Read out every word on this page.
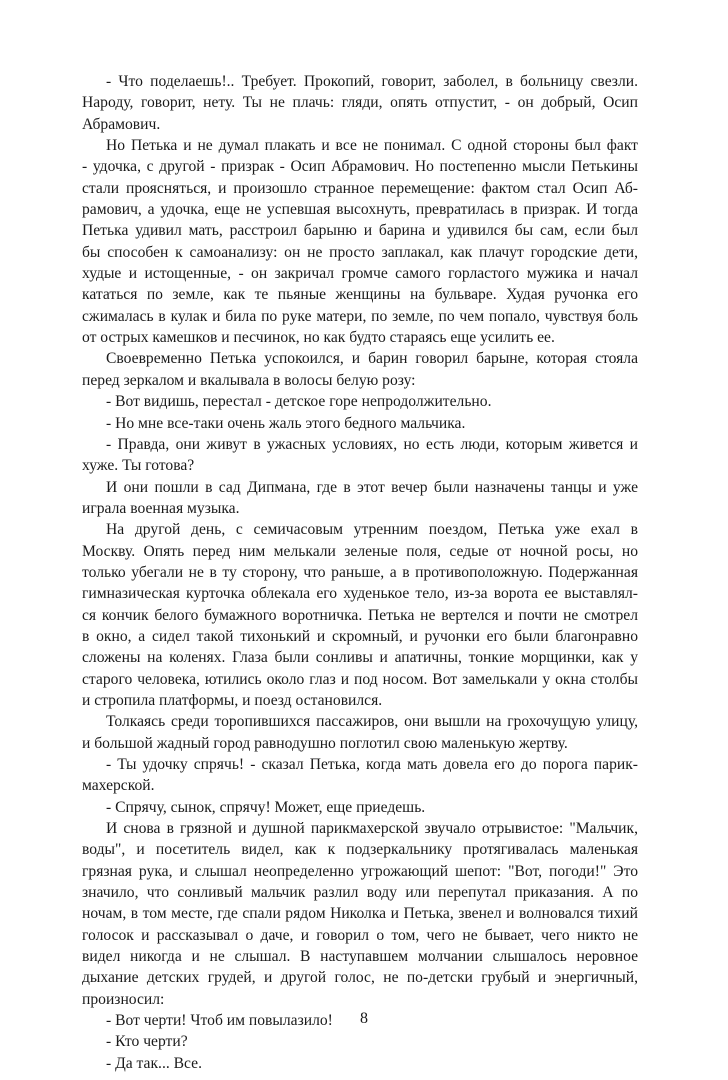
- Что поделаешь!.. Требует. Прокопий, говорит, заболел, в больницу свезли.
Народу, говорит, нету. Ты не плачь: гляди, опять отпустит, - он добрый, Осип
Абрамович.
Но Петька и не думал плакать и все не понимал. С одной стороны был факт
- удочка, с другой - призрак - Осип Абрамович. Но постепенно мысли Петькины
стали проясняться, и произошло странное перемещение: фактом стал Осип Аб-
рамович, а удочка, еще не успевшая высохнуть, превратилась в призрак. И тогда
Петька удивил мать, расстроил барыню и барина и удивился бы сам, если был
бы способен к самоанализу: он не просто заплакал, как плачут городские дети,
худые и истощенные, - он закричал громче самого горластого мужика и начал
кататься по земле, как те пьяные женщины на бульваре. Худая ручонка его
сжималась в кулак и била по руке матери, по земле, по чем попало, чувствуя боль
от острых камешков и песчинок, но как будто стараясь еще усилить ее.
Своевременно Петька успокоился, и барин говорил барыне, которая стояла
перед зеркалом и вкалывала в волосы белую розу:
- Вот видишь, перестал - детское горе непродолжительно.
- Но мне все-таки очень жаль этого бедного мальчика.
- Правда, они живут в ужасных условиях, но есть люди, которым живется и
хуже. Ты готова?
И они пошли в сад Дипмана, где в этот вечер были назначены танцы и уже
играла военная музыка.
На другой день, с семичасовым утренним поездом, Петька уже ехал в
Москву. Опять перед ним мелькали зеленые поля, седые от ночной росы, но
только убегали не в ту сторону, что раньше, а в противоположную. Подержанная
гимназическая курточка облекала его худенькое тело, из-за ворота ее выставлял-
ся кончик белого бумажного воротничка. Петька не вертелся и почти не смотрел
в окно, а сидел такой тихонький и скромный, и ручонки его были благонравно
сложены на коленях. Глаза были сонливы и апатичны, тонкие морщинки, как у
старого человека, ютились около глаз и под носом. Вот замелькали у окна столбы
и стропила платформы, и поезд остановился.
Толкаясь среди торопившихся пассажиров, они вышли на грохочущую улицу,
и большой жадный город равнодушно поглотил свою маленькую жертву.
- Ты удочку спрячь! - сказал Петька, когда мать довела его до порога парик-
махерской.
- Спрячу, сынок, спрячу! Может, еще приедешь.
И снова в грязной и душной парикмахерской звучало отрывистое: "Мальчик,
воды", и посетитель видел, как к подзеркальнику протягивалась маленькая
грязная рука, и слышал неопределенно угрожающий шепот: "Вот, погоди!" Это
значило, что сонливый мальчик разлил воду или перепутал приказания. А по
ночам, в том месте, где спали рядом Николка и Петька, звенел и волновался тихий
голосок и рассказывал о даче, и говорил о том, чего не бывает, чего никто не
видел никогда и не слышал. В наступавшем молчании слышалось неровное
дыхание детских грудей, и другой голос, не по-детски грубый и энергичный,
произносил:
- Вот черти! Чтоб им повылазило!
- Кто черти?
- Да так... Все.
8
